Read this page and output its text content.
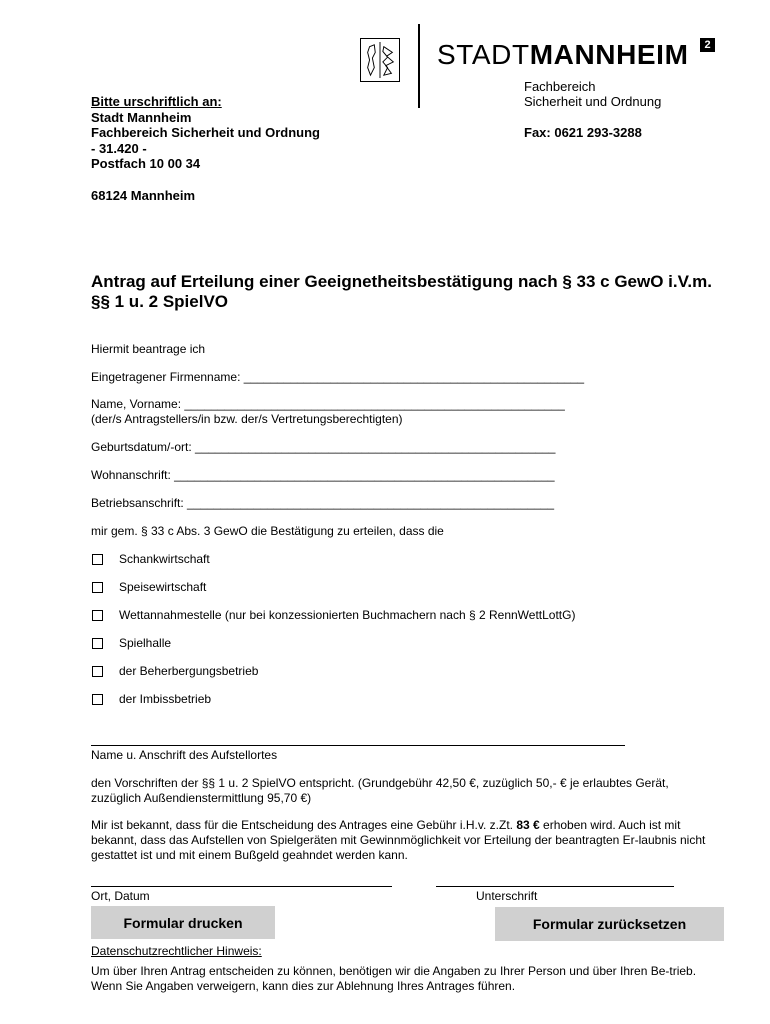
STADTMANNHEIM	2
Fachbereich
Sicherheit und Ordnung
Bitte urschriftlich an:
Stadt Mannheim
Fachbereich Sicherheit und Ordnung
- 31.420 -
Postfach 10 00 34
68124 Mannheim
Fax: 0621 293-3288
Antrag auf Erteilung einer Geeignetheitsbestätigung nach § 33 c GewO i.V.m. §§ 1 u. 2 SpielVO
Hiermit beantrage ich
Eingetragener Firmenname: ___________________________________________________
Name, Vorname: _________________________________________________________
(der/s Antragstellers/in bzw. der/s Vertretungsberechtigten)
Geburtsdatum/-ort: ______________________________________________________
Wohnanschrift: _________________________________________________________
Betriebsanschrift: _______________________________________________________
mir gem. § 33 c Abs. 3 GewO die Bestätigung zu erteilen, dass die
Schankwirtschaft
Speisewirtschaft
Wettannahmestelle (nur bei konzessionierten Buchmachern nach § 2 RennWettLottG)
Spielhalle
der Beherbergungsbetrieb
der Imbissbetrieb
Name u. Anschrift des Aufstellortes
den Vorschriften der §§ 1 u. 2 SpielVO entspricht. (Grundgebühr 42,50 €, zuzüglich 50,- € je erlaubtes Gerät, zuzüglich Außendienstermittlung 95,70 €)
Mir ist bekannt, dass für die Entscheidung des Antrages eine Gebühr i.H.v. z.Zt. 83 € erhoben wird. Auch ist mit bekannt, dass das Aufstellen von Spielgeräten mit Gewinnmöglichkeit vor Erteilung der beantragten Er-laubnis nicht gestattet ist und mit einem Bußgeld geahndet werden kann.
Ort, Datum	Unterschrift
Formular drucken	Formular zurücksetzen
Datenschutzrechtlicher Hinweis:
Um über Ihren Antrag entscheiden zu können, benötigen wir die Angaben zu Ihrer Person und über Ihren Be-trieb. Wenn Sie Angaben verweigern, kann dies zur Ablehnung Ihres Antrages führen.
